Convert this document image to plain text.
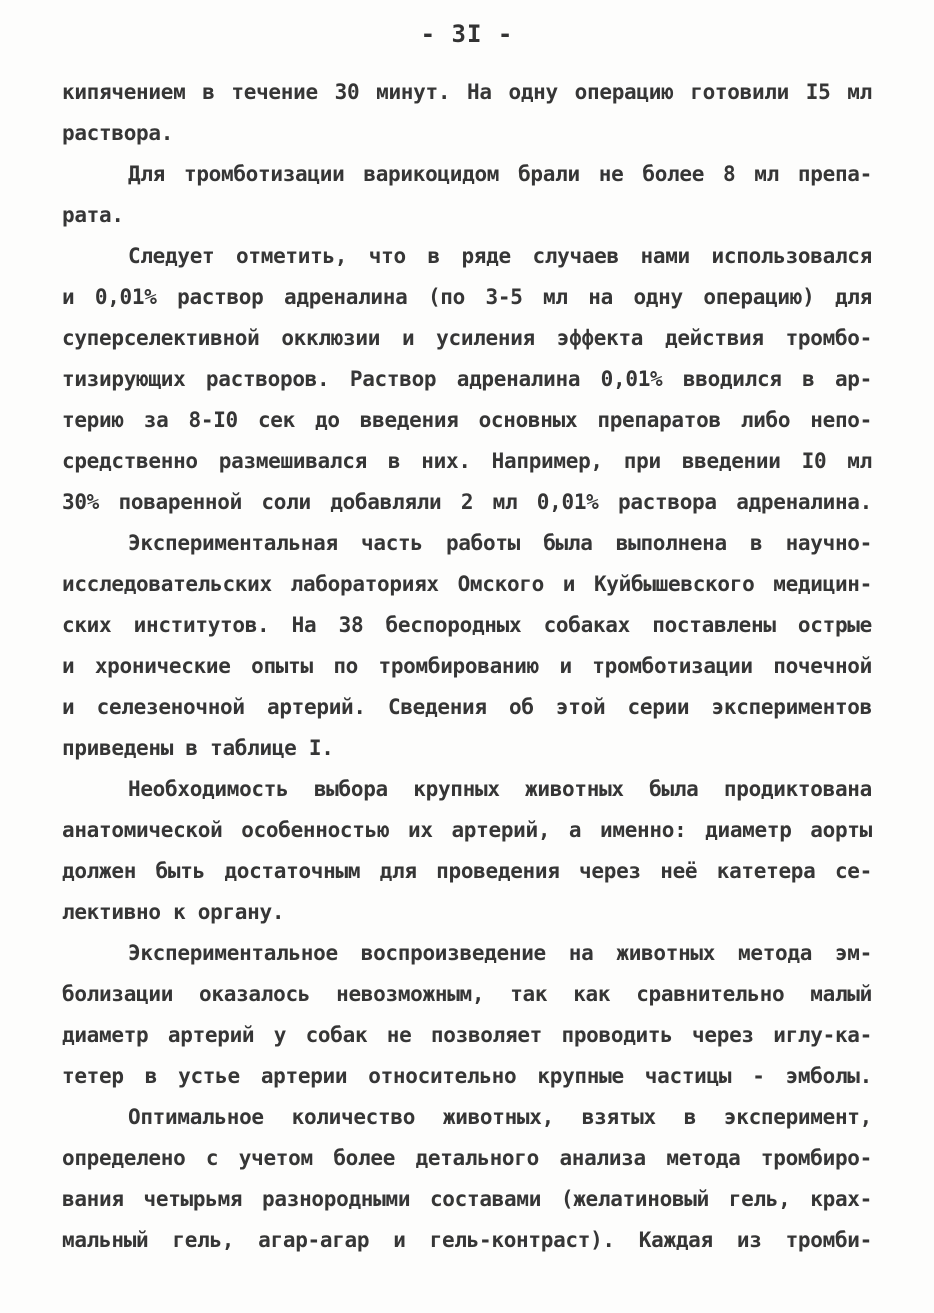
- 3I -
кипячением в течение 30 минут. На одну операцию готовили I5 мл
раствора.
Для тромботизации варикоцидом брали не более 8 мл препа-
рата.
Следует отметить, что в ряде случаев нами использовался
и 0,01% раствор адреналина (по 3-5 мл на одну операцию) для
суперселективной окклюзии и усиления эффекта действия тромбо-
тизирующих растворов. Раствор адреналина 0,01% вводился в ар-
терию за 8-I0 сек до введения основных препаратов либо непо-
средственно размешивался в них. Например, при введении I0 мл
30% поваренной соли добавляли 2 мл 0,01% раствора адреналина.
Экспериментальная часть работы была выполнена в научно-
исследовательских лабораториях Омского и Куйбышевского медицин-
ских институтов. На 38 беспородных собаках поставлены острые
и хронические опыты по тромбированию и тромботизации почечной
и селезеночной артерий. Сведения об этой серии экспериментов
приведены в таблице I.
Необходимость выбора крупных животных была продиктована
анатомической особенностью их артерий, а именно: диаметр аорты
должен быть достаточным для проведения через неё катетера се-
лективно к органу.
Экспериментальное воспроизведение на животных метода эм-
болизации оказалось невозможным, так как сравнительно малый
диаметр артерий у собак не позволяет проводить через иглу-ка-
тетер в устье артерии относительно крупные частицы - эмболы.
Оптимальное количество животных, взятых в эксперимент,
определено с учетом более детального анализа метода тромбиро-
вания четырьмя разнородными составами (желатиновый гель, крах-
мальный гель, агар-агар и гель-контраст). Каждая из тромби-
